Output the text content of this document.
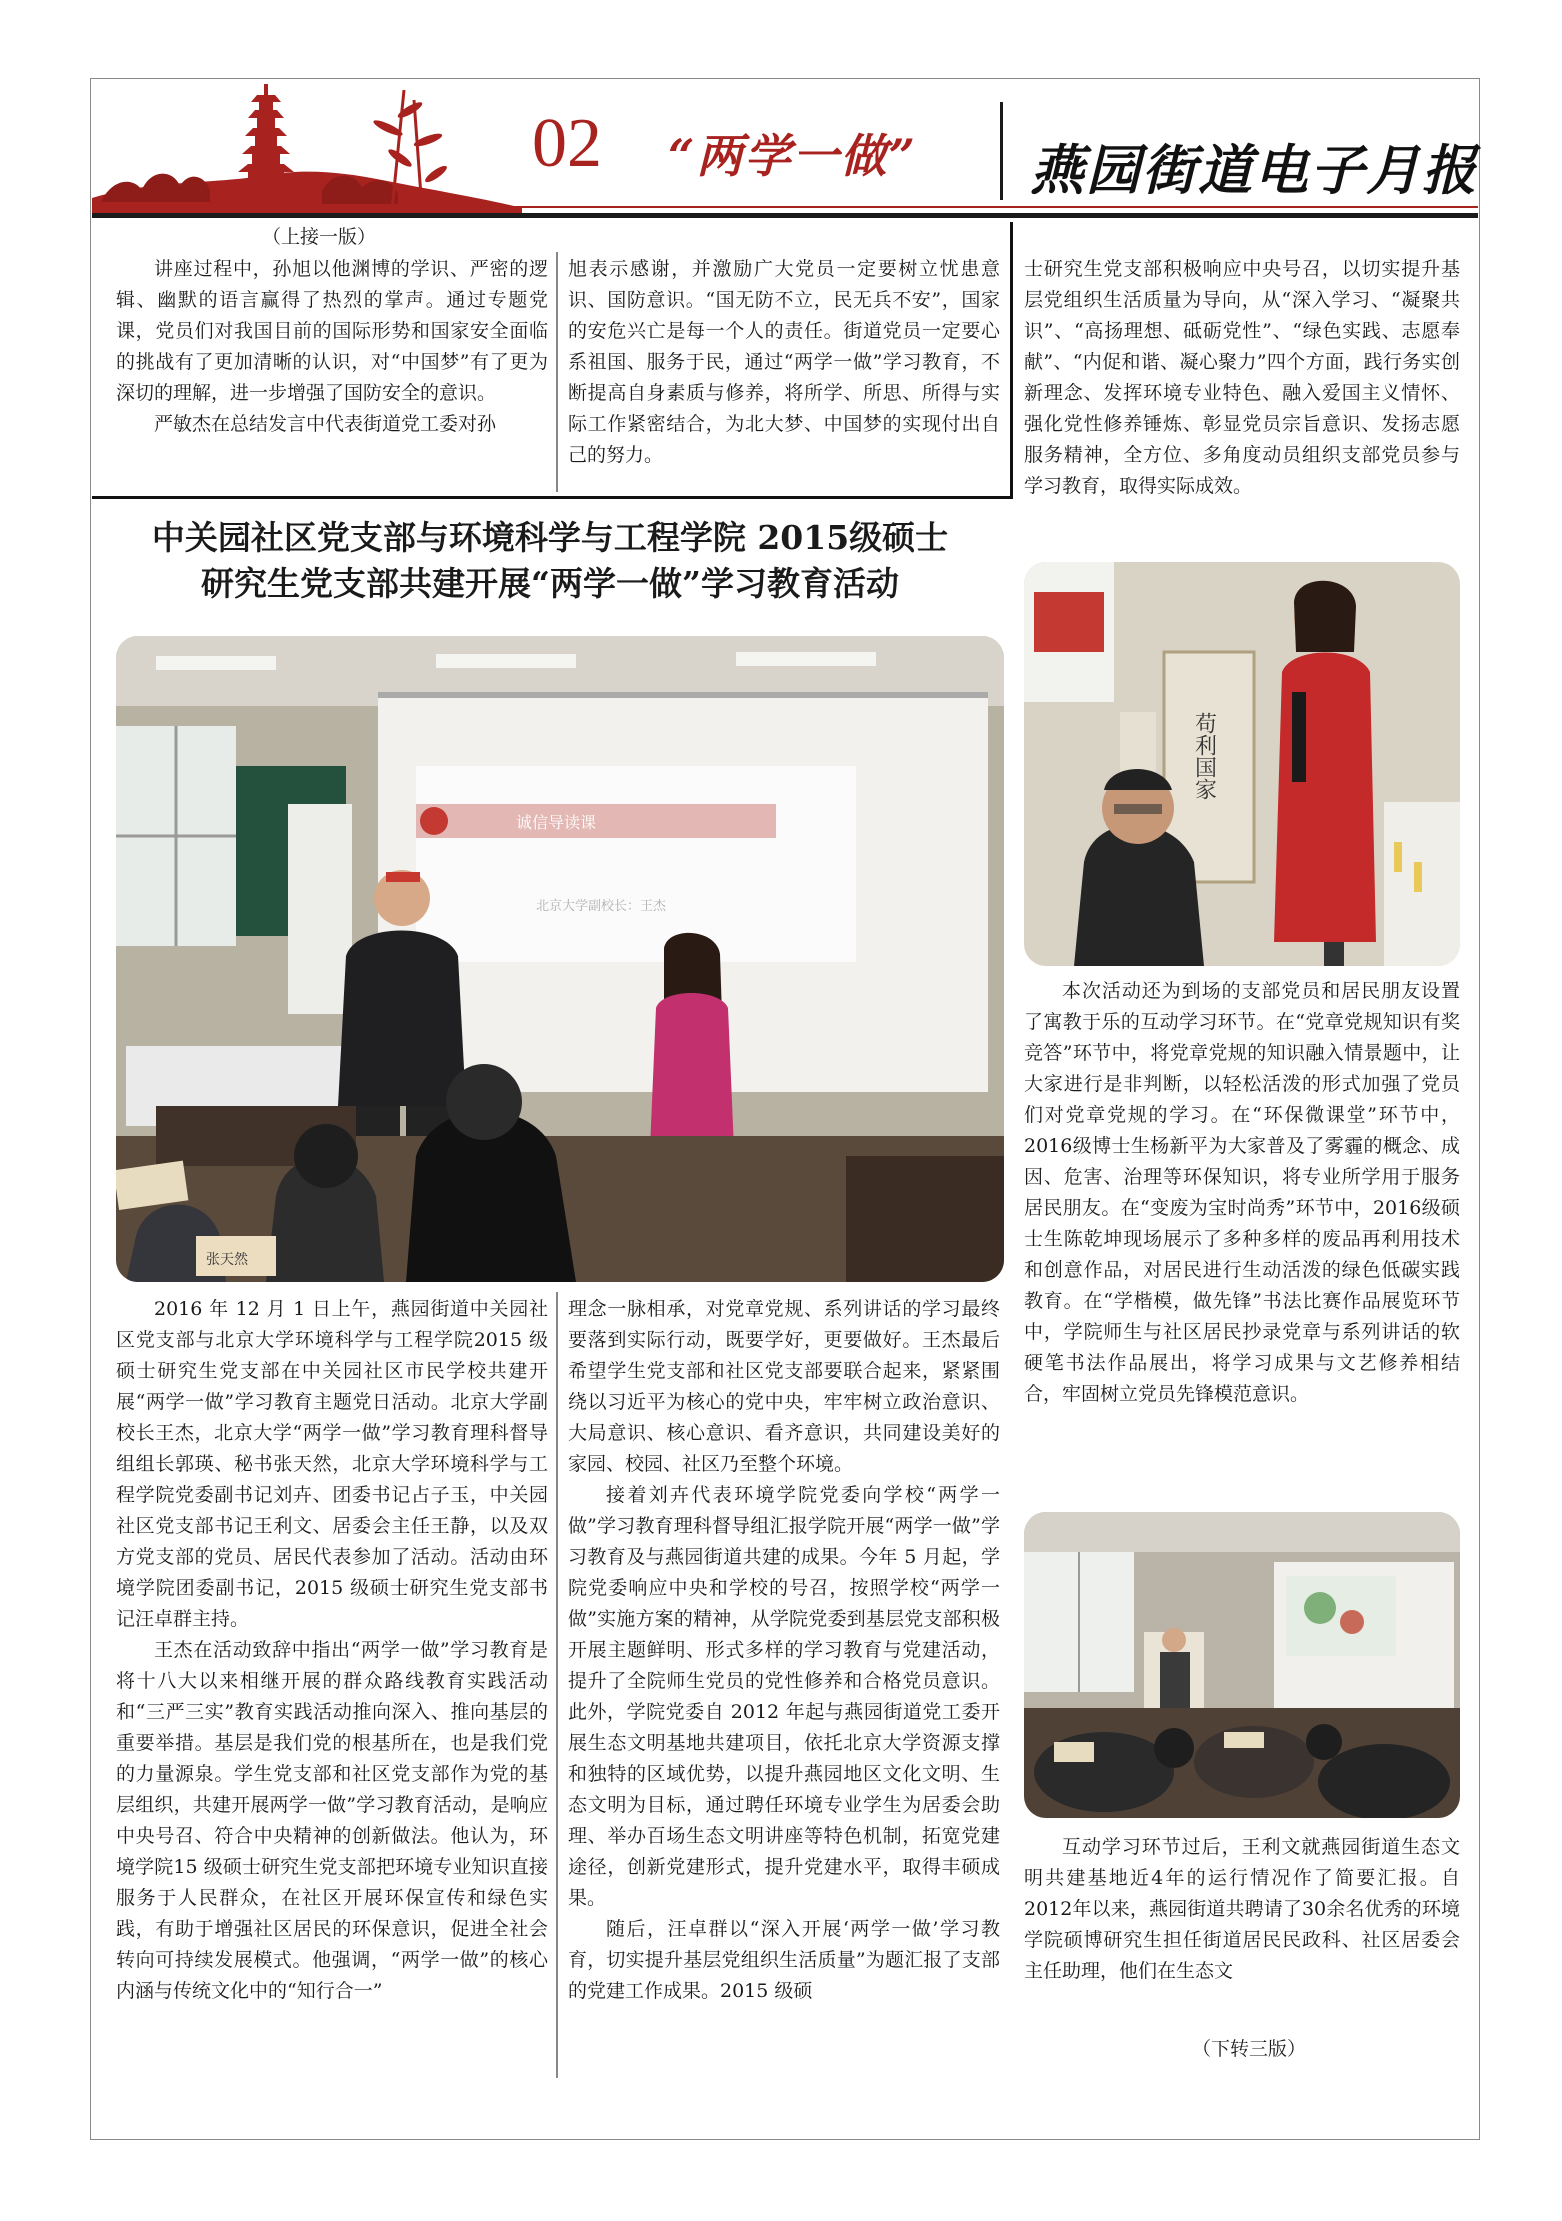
02 “两学一做” 燕园街道电子月报
（上接一版）

讲座过程中，孙旭以他渊博的学识、严密的逻辑、幽默的语言赢得了热烈的掌声。通过专题党课，党员们对我国目前的国际形势和国家安全面临的挑战有了更加清晰的认识，对“中国梦”有了更为深切的理解，进一步增强了国防安全的意识。

严敏杰在总结发言中代表街道党工委对孙

旭表示感谢，并激励广大党员一定要树立忧患意识、国防意识。“国无防不立，民无兵不安”，国家的安危兴亡是每一个人的责任。街道党员一定要心系祖国、服务于民，通过“两学一做”学习教育，不断提高自身素质与修养，将所学、所思、所得与实际工作紧密结合，为北大梦、中国梦的实现付出自己的努力。

士研究生党支部积极响应中央号召，以切实提升基层党组织生活质量为导向，从“深入学习、“凝聚共识”、“高扬理想、砥砺党性”、“绿色实践、志愿奉献”、“内促和谐、凝心聚力”四个方面，践行务实创新理念、发挥环境专业特色、融入爱国主义情怀、强化党性修养锤炼、彰显党员宗旨意识、发扬志愿服务精神，全方位、多角度动员组织支部党员参与学习教育，取得实际成效。

中关园社区党支部与环境科学与工程学院 2015级硕士
研究生党支部共建开展“两学一做”学习教育活动
诚信导读课
北京大学副校长：王杰
张天然
苟利国家

本次活动还为到场的支部党员和居民朋友设置了寓教于乐的互动学习环节。在“党章党规知识有奖竞答”环节中，将党章党规的知识融入情景题中，让大家进行是非判断，以轻松活泼的形式加强了党员们对党章党规的学习。在“环保微课堂”环节中，2016级博士生杨新平为大家普及了雾霾的概念、成因、危害、治理等环保知识，将专业所学用于服务居民朋友。在“变废为宝时尚秀”环节中，2016级硕士生陈乾坤现场展示了多种多样的废品再利用技术和创意作品，对居民进行生动活泼的绿色低碳实践教育。在“学楷模，做先锋”书法比赛作品展览环节中，学院师生与社区居民抄录党章与系列讲话的软硬笔书法作品展出，将学习成果与文艺修养相结合，牢固树立党员先锋模范意识。

互动学习环节过后，王利文就燕园街道生态文明共建基地近4年的运行情况作了简要汇报。自2012年以来，燕园街道共聘请了30余名优秀的环境学院硕博研究生担任街道居民民政科、社区居委会主任助理，他们在生态文

（下转三版）

2016 年 12 月 1 日上午，燕园街道中关园社区党支部与北京大学环境科学与工程学院2015 级硕士研究生党支部在中关园社区市民学校共建开展“两学一做”学习教育主题党日活动。北京大学副校长王杰，北京大学“两学一做”学习教育理科督导组组长郭瑛、秘书张天然，北京大学环境科学与工程学院党委副书记刘卉、团委书记占子玉，中关园社区党支部书记王利文、居委会主任王静，以及双方党支部的党员、居民代表参加了活动。活动由环境学院团委副书记，2015 级硕士研究生党支部书记汪卓群主持。

王杰在活动致辞中指出“两学一做”学习教育是将十八大以来相继开展的群众路线教育实践活动和“三严三实”教育实践活动推向深入、推向基层的重要举措。基层是我们党的根基所在，也是我们党的力量源泉。学生党支部和社区党支部作为党的基层组织，共建开展两学一做”学习教育活动，是响应中央号召、符合中央精神的创新做法。他认为，环境学院15 级硕士研究生党支部把环境专业知识直接服务于人民群众，在社区开展环保宣传和绿色实践，有助于增强社区居民的环保意识，促进全社会转向可持续发展模式。他强调，“两学一做”的核心内涵与传统文化中的“知行合一”

理念一脉相承，对党章党规、系列讲话的学习最终要落到实际行动，既要学好，更要做好。王杰最后希望学生党支部和社区党支部要联合起来，紧紧围绕以习近平为核心的党中央，牢牢树立政治意识、大局意识、核心意识、看齐意识，共同建设美好的家园、校园、社区乃至整个环境。

接着刘卉代表环境学院党委向学校“两学一做”学习教育理科督导组汇报学院开展“两学一做”学习教育及与燕园街道共建的成果。今年 5 月起，学院党委响应中央和学校的号召，按照学校“两学一做”实施方案的精神，从学院党委到基层党支部积极开展主题鲜明、形式多样的学习教育与党建活动，提升了全院师生党员的党性修养和合格党员意识。此外，学院党委自 2012 年起与燕园街道党工委开展生态文明基地共建项目，依托北京大学资源支撑和独特的区域优势，以提升燕园地区文化文明、生态文明为目标，通过聘任环境专业学生为居委会助理、举办百场生态文明讲座等特色机制，拓宽党建途径，创新党建形式，提升党建水平，取得丰硕成果。

随后，汪卓群以“深入开展‘两学一做’学习教育，切实提升基层党组织生活质量”为题汇报了支部的党建工作成果。2015 级硕
